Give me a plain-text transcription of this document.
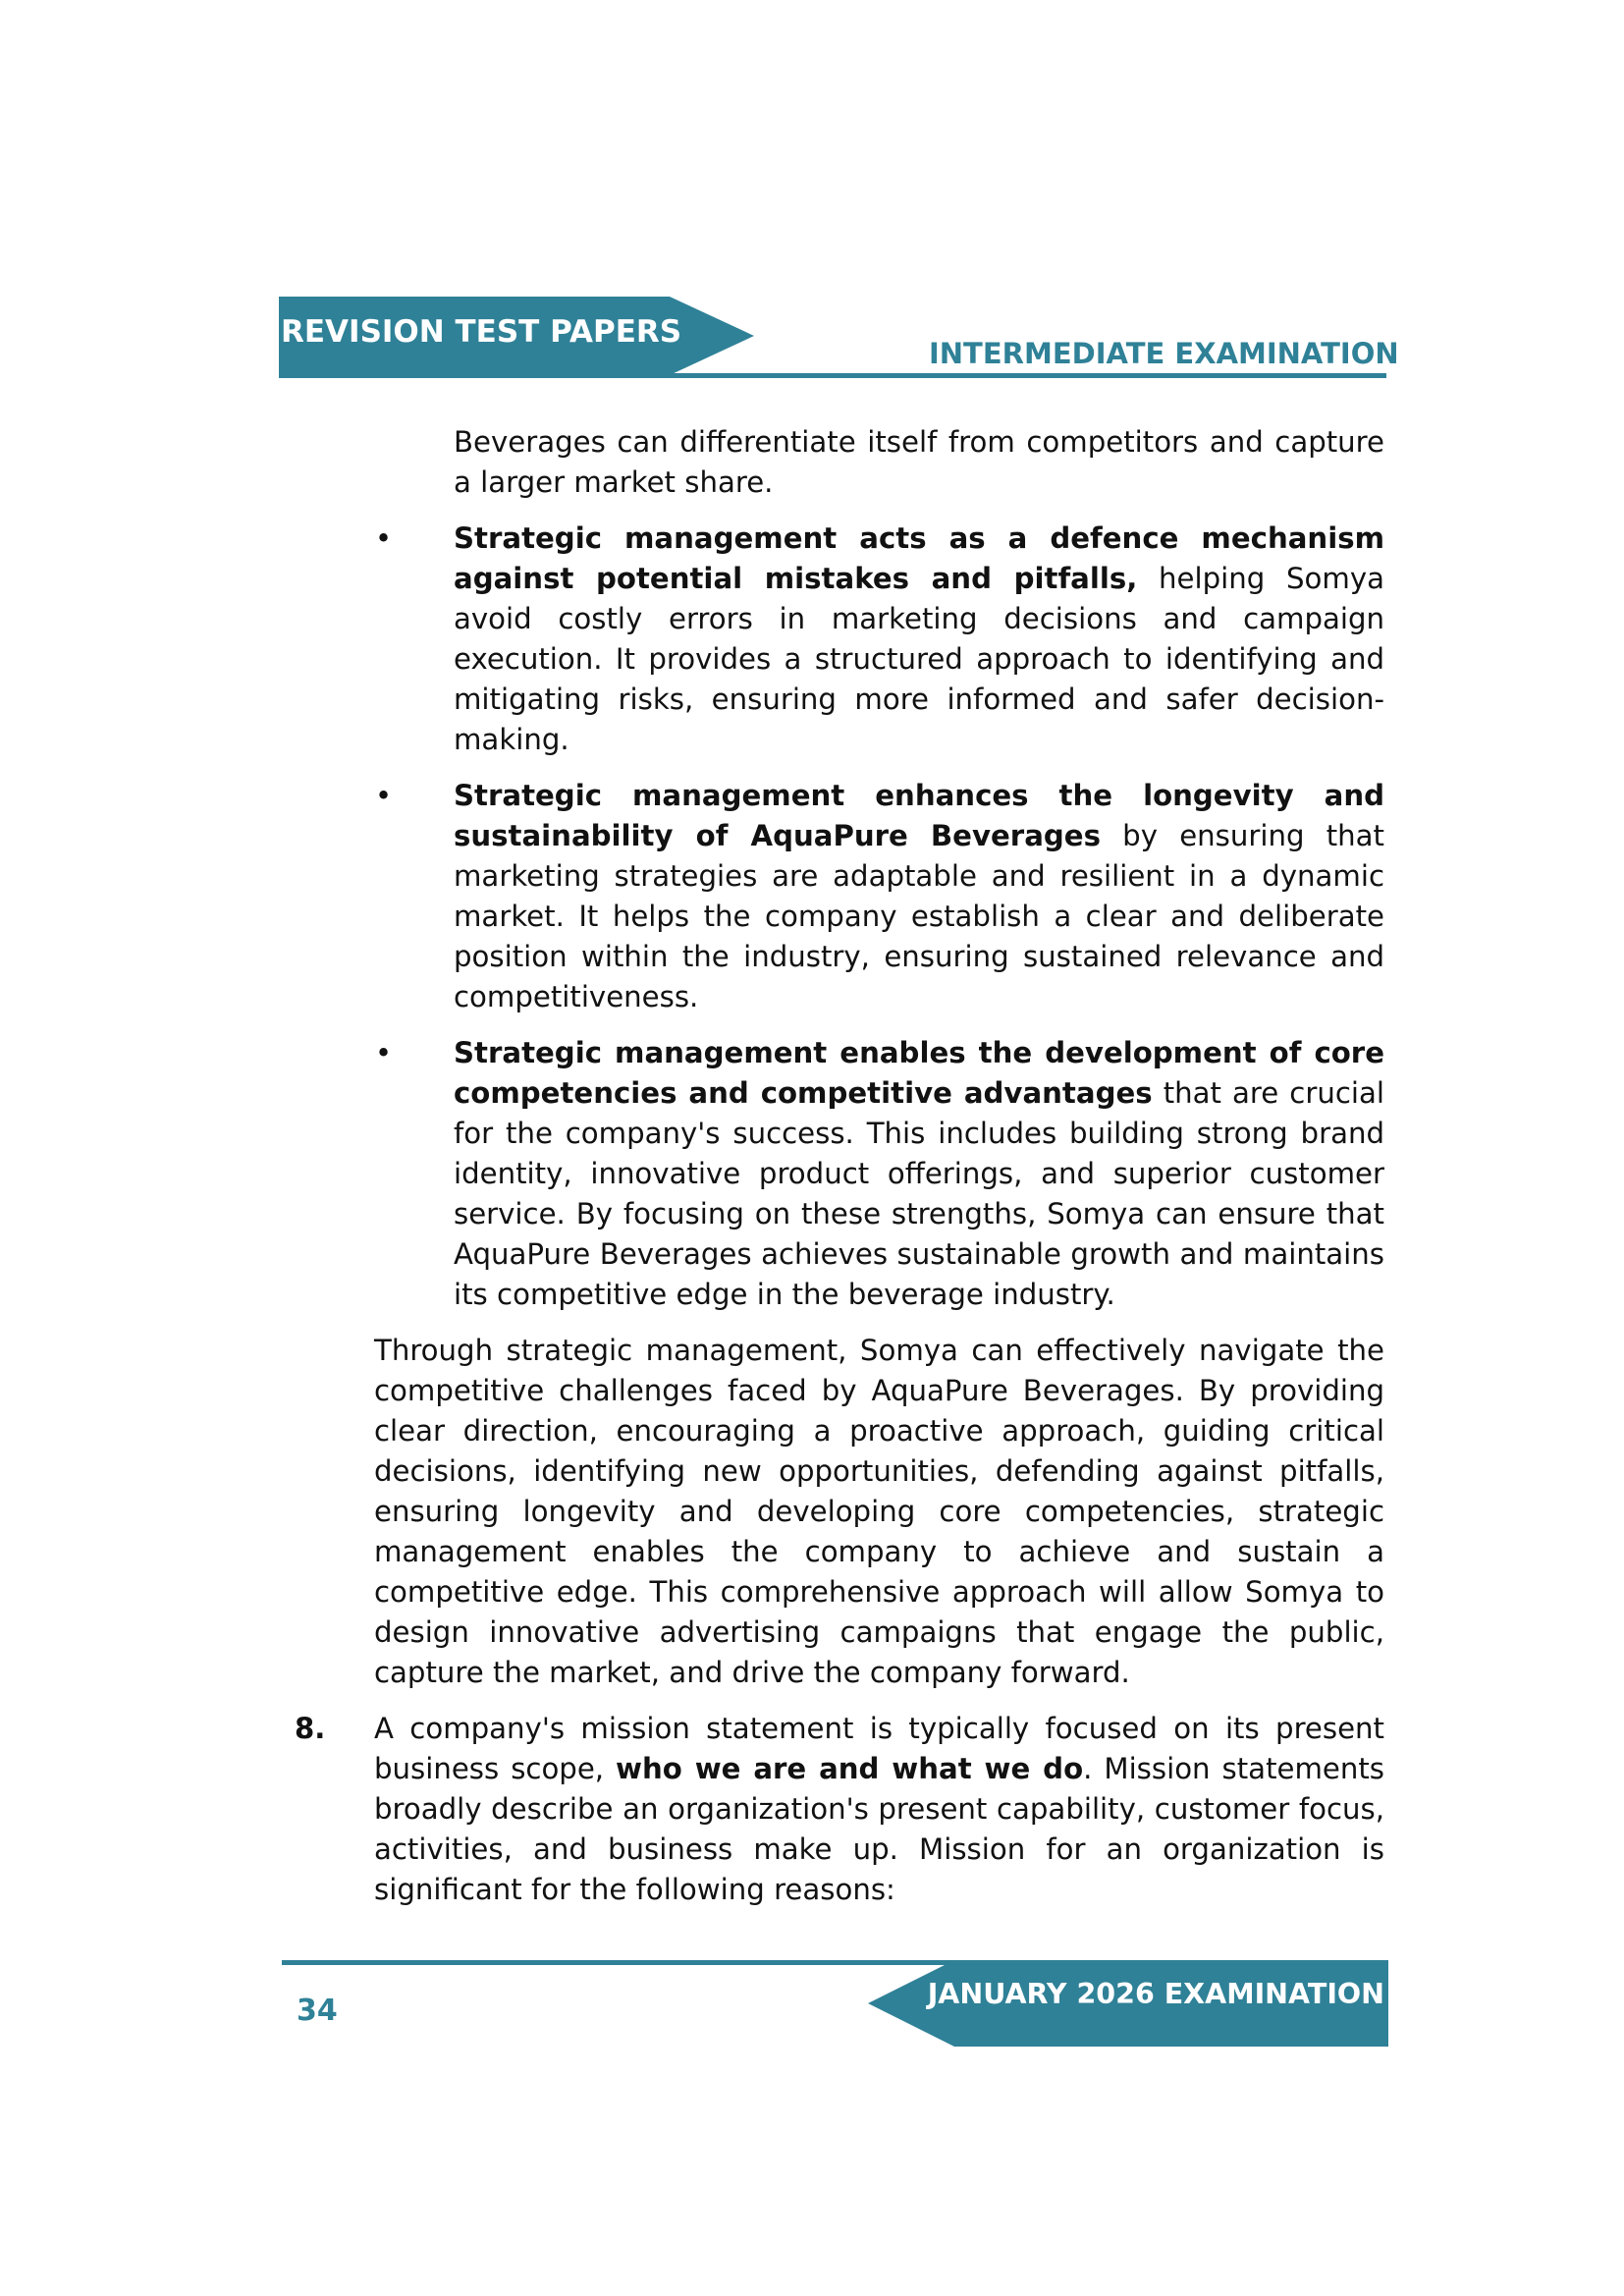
REVISION TEST PAPERS
INTERMEDIATE EXAMINATION

Beverages can differentiate itself from competitors and capture a larger market share.

• Strategic management acts as a defence mechanism against potential mistakes and pitfalls, helping Somya avoid costly errors in marketing decisions and campaign execution. It provides a structured approach to identifying and mitigating risks, ensuring more informed and safer decision-making.

• Strategic management enhances the longevity and sustainability of AquaPure Beverages by ensuring that marketing strategies are adaptable and resilient in a dynamic market. It helps the company establish a clear and deliberate position within the industry, ensuring sustained relevance and competitiveness.

• Strategic management enables the development of core competencies and competitive advantages that are crucial for the company's success. This includes building strong brand identity, innovative product offerings, and superior customer service. By focusing on these strengths, Somya can ensure that AquaPure Beverages achieves sustainable growth and maintains its competitive edge in the beverage industry.

Through strategic management, Somya can effectively navigate the competitive challenges faced by AquaPure Beverages. By providing clear direction, encouraging a proactive approach, guiding critical decisions, identifying new opportunities, defending against pitfalls, ensuring longevity and developing core competencies, strategic management enables the company to achieve and sustain a competitive edge. This comprehensive approach will allow Somya to design innovative advertising campaigns that engage the public, capture the market, and drive the company forward.

8. A company's mission statement is typically focused on its present business scope, who we are and what we do. Mission statements broadly describe an organization's present capability, customer focus, activities, and business make up. Mission for an organization is significant for the following reasons:

34	JANUARY 2026 EXAMINATION
